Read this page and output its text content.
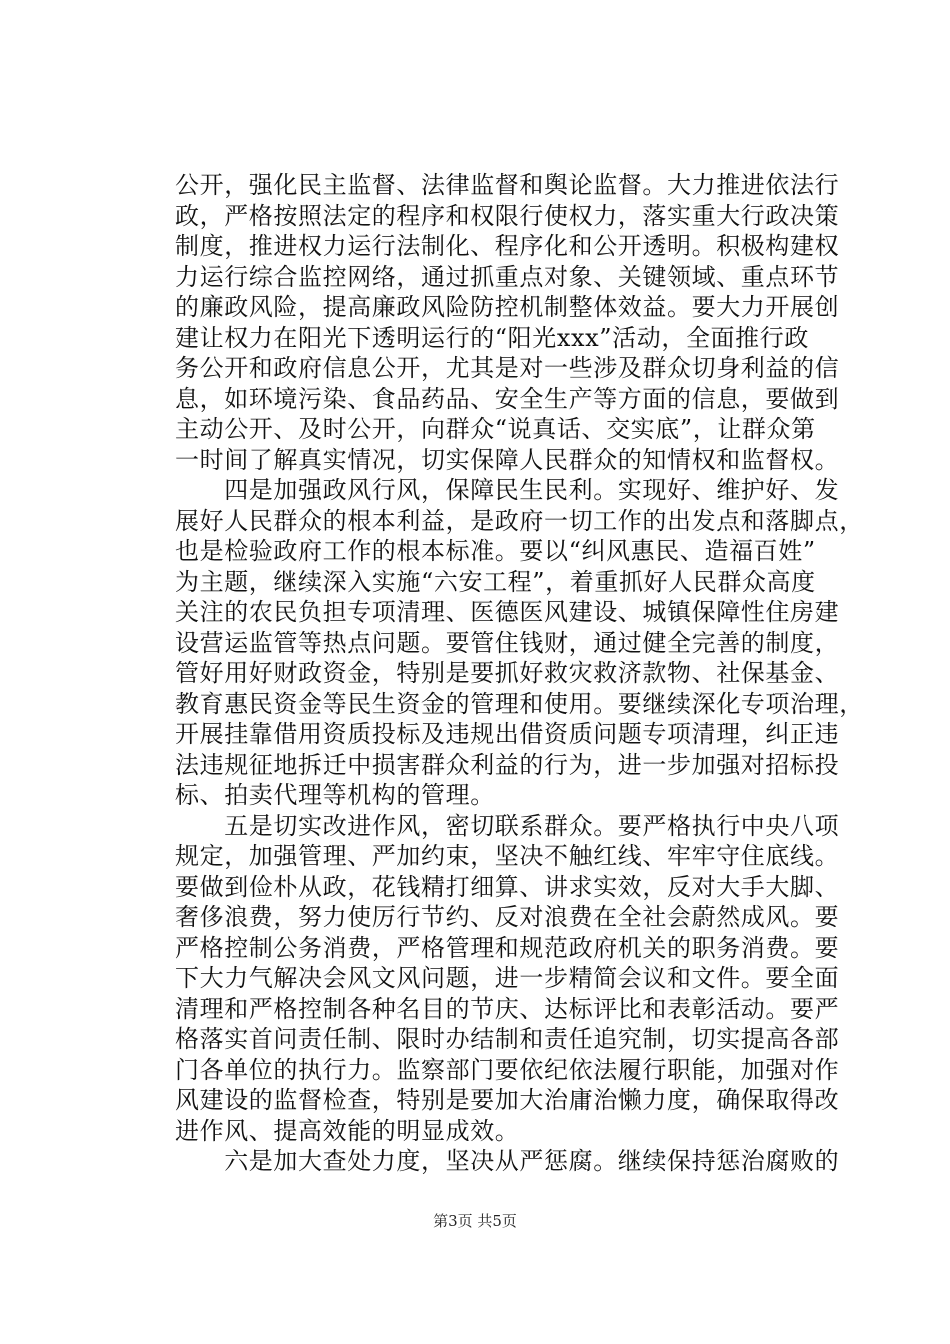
公开，强化民主监督、法律监督和舆论监督。大力推进依法行
政，严格按照法定的程序和权限行使权力，落实重大行政决策
制度，推进权力运行法制化、程序化和公开透明。积极构建权
力运行综合监控网络，通过抓重点对象、关键领域、重点环节
的廉政风险，提高廉政风险防控机制整体效益。要大力开展创
建让权力在阳光下透明运行的“阳光xxx”活动，全面推行政
务公开和政府信息公开，尤其是对一些涉及群众切身利益的信
息，如环境污染、食品药品、安全生产等方面的信息，要做到
主动公开、及时公开，向群众“说真话、交实底”，让群众第
一时间了解真实情况，切实保障人民群众的知情权和监督权。
　　四是加强政风行风，保障民生民利。实现好、维护好、发
展好人民群众的根本利益，是政府一切工作的出发点和落脚点，
也是检验政府工作的根本标准。要以“纠风惠民、造福百姓”
为主题，继续深入实施“六安工程”，着重抓好人民群众高度
关注的农民负担专项清理、医德医风建设、城镇保障性住房建
设营运监管等热点问题。要管住钱财，通过健全完善的制度，
管好用好财政资金，特别是要抓好救灾救济款物、社保基金、
教育惠民资金等民生资金的管理和使用。要继续深化专项治理，
开展挂靠借用资质投标及违规出借资质问题专项清理，纠正违
法违规征地拆迁中损害群众利益的行为，进一步加强对招标投
标、拍卖代理等机构的管理。
　　五是切实改进作风，密切联系群众。要严格执行中央八项
规定，加强管理、严加约束，坚决不触红线、牢牢守住底线。
要做到俭朴从政，花钱精打细算、讲求实效，反对大手大脚、
奢侈浪费，努力使厉行节约、反对浪费在全社会蔚然成风。要
严格控制公务消费，严格管理和规范政府机关的职务消费。要
下大力气解决会风文风问题，进一步精简会议和文件。要全面
清理和严格控制各种名目的节庆、达标评比和表彰活动。要严
格落实首问责任制、限时办结制和责任追究制，切实提高各部
门各单位的执行力。监察部门要依纪依法履行职能，加强对作
风建设的监督检查，特别是要加大治庸治懒力度，确保取得改
进作风、提高效能的明显成效。
　　六是加大查处力度，坚决从严惩腐。继续保持惩治腐败的
第3页 共5页
